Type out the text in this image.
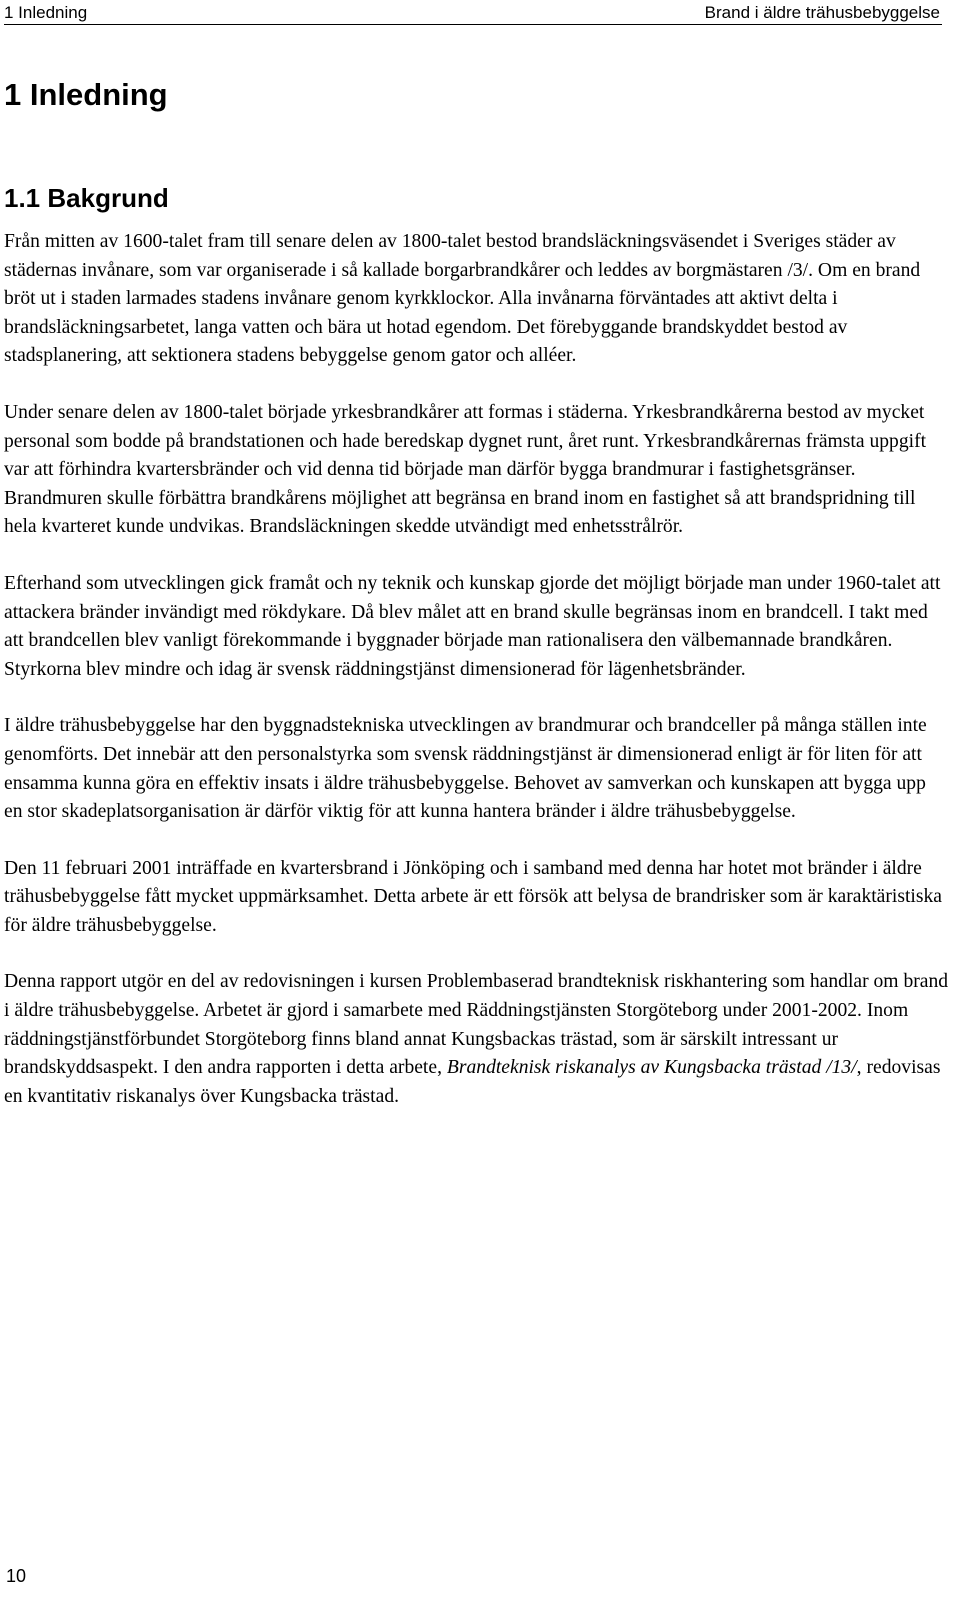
1 Inledning	Brand i äldre trähusbebyggelse
1 Inledning
1.1 Bakgrund

Från mitten av 1600-talet fram till senare delen av 1800-talet bestod brandsläckningsväsendet i Sveriges städer av städernas invånare, som var organiserade i så kallade borgarbrandkårer och leddes av borgmästaren /3/. Om en brand bröt ut i staden larmades stadens invånare genom kyrkklockor. Alla invånarna förväntades att aktivt delta i brandsläckningsarbetet, langa vatten och bära ut hotad egendom. Det förebyggande brandskyddet bestod av stadsplanering, att sektionera stadens bebyggelse genom gator och alléer.

Under senare delen av 1800-talet började yrkesbrandkårer att formas i städerna. Yrkesbrandkårerna bestod av mycket personal som bodde på brandstationen och hade beredskap dygnet runt, året runt. Yrkesbrandkårernas främsta uppgift var att förhindra kvartersbränder och vid denna tid började man därför bygga brandmurar i fastighetsgränser. Brandmuren skulle förbättra brandkårens möjlighet att begränsa en brand inom en fastighet så att brandspridning till hela kvarteret kunde undvikas. Brandsläckningen skedde utvändigt med enhetsstrålrör.

Efterhand som utvecklingen gick framåt och ny teknik och kunskap gjorde det möjligt började man under 1960-talet att attackera bränder invändigt med rökdykare. Då blev målet att en brand skulle begränsas inom en brandcell. I takt med att brandcellen blev vanligt förekommande i byggnader började man rationalisera den välbemannade brandkåren. Styrkorna blev mindre och idag är svensk räddningstjänst dimensionerad för lägenhetsbränder.

I äldre trähusbebyggelse har den byggnadstekniska utvecklingen av brandmurar och brandceller på många ställen inte genomförts. Det innebär att den personalstyrka som svensk räddningstjänst är dimensionerad enligt är för liten för att ensamma kunna göra en effektiv insats i äldre trähusbebyggelse. Behovet av samverkan och kunskapen att bygga upp en stor skadeplatsorganisation är därför viktig för att kunna hantera bränder i äldre trähusbebyggelse.

Den 11 februari 2001 inträffade en kvartersbrand i Jönköping och i samband med denna har hotet mot bränder i äldre trähusbebyggelse fått mycket uppmärksamhet. Detta arbete är ett försök att belysa de brandrisker som är karaktäristiska för äldre trähusbebyggelse.

Denna rapport utgör en del av redovisningen i kursen Problembaserad brandteknisk riskhantering som handlar om brand i äldre trähusbebyggelse. Arbetet är gjord i samarbete med Räddningstjänsten Storgöteborg under 2001-2002. Inom räddningstjänstförbundet Storgöteborg finns bland annat Kungsbackas trästad, som är särskilt intressant ur brandskyddsaspekt. I den andra rapporten i detta arbete, Brandteknisk riskanalys av Kungsbacka trästad /13/, redovisas en kvantitativ riskanalys över Kungsbacka trästad.

10
